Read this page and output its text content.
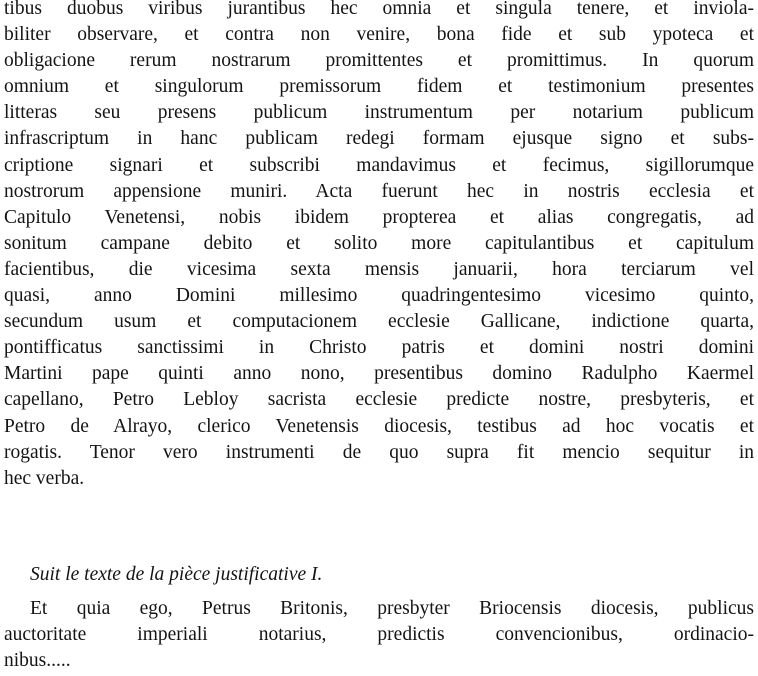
tibus duobus viribus jurantibus hec omnia et singula tenere, et inviola-
biliter observare, et contra non venire, bona fide et sub ypoteca et
obligacione rerum nostrarum promittentes et promittimus. In quorum
omnium et singulorum premissorum fidem et testimonium presentes
litteras seu presens publicum instrumentum per notarium publicum
infrascriptum in hanc publicam redegi formam ejusque signo et subs-
criptione signari et subscribi mandavimus et fecimus, sigillorumque
nostrorum appensione muniri. Acta fuerunt hec in nostris ecclesia et
Capitulo Venetensi, nobis ibidem propterea et alias congregatis, ad
sonitum campane debito et solito more capitulantibus et capitulum
facientibus, die vicesima sexta mensis januarii, hora terciarum vel
quasi, anno Domini millesimo quadringentesimo vicesimo quinto,
secundum usum et computacionem ecclesie Gallicane, indictione quarta,
pontifficatus sanctissimi in Christo patris et domini nostri domini
Martini pape quinti anno nono, presentibus domino Radulpho Kaermel
capellano, Petro Lebloy sacrista ecclesie predicte nostre, presbyteris, et
Petro de Alrayo, clerico Venetensis diocesis, testibus ad hoc vocatis et
rogatis. Tenor vero instrumenti de quo supra fit mencio sequitur in
hec verba.
Suit le texte de la pièce justificative I.
Et quia ego, Petrus Britonis, presbyter Briocensis diocesis, publicus
auctoritate imperiali notarius, predictis convencionibus, ordinacio-
nibus.....
